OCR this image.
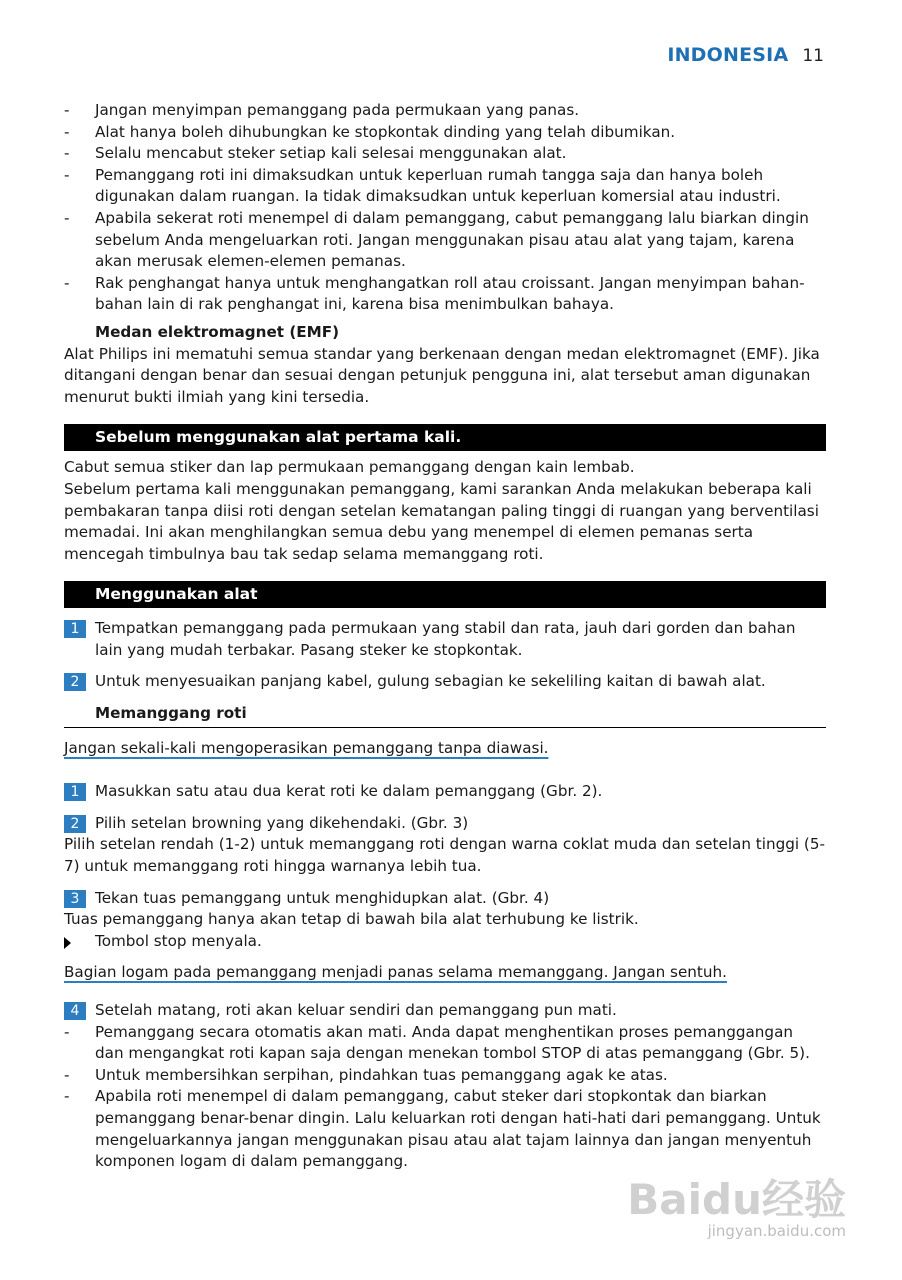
INDONESIA 11
- Jangan menyimpan pemanggang pada permukaan yang panas.
- Alat hanya boleh dihubungkan ke stopkontak dinding yang telah dibumikan.
- Selalu mencabut steker setiap kali selesai menggunakan alat.
- Pemanggang roti ini dimaksudkan untuk keperluan rumah tangga saja dan hanya boleh digunakan dalam ruangan. Ia tidak dimaksudkan untuk keperluan komersial atau industri.
- Apabila sekerat roti menempel di dalam pemanggang, cabut pemanggang lalu biarkan dingin sebelum Anda mengeluarkan roti. Jangan menggunakan pisau atau alat yang tajam, karena akan merusak elemen-elemen pemanas.
- Rak penghangat hanya untuk menghangatkan roll atau croissant. Jangan menyimpan bahan-bahan lain di rak penghangat ini, karena bisa menimbulkan bahaya.
Medan elektromagnet (EMF)

Alat Philips ini mematuhi semua standar yang berkenaan dengan medan elektromagnet (EMF). Jika ditangani dengan benar dan sesuai dengan petunjuk pengguna ini, alat tersebut aman digunakan menurut bukti ilmiah yang kini tersedia.

Sebelum menggunakan alat pertama kali.

Cabut semua stiker dan lap permukaan pemanggang dengan kain lembab.

Sebelum pertama kali menggunakan pemanggang, kami sarankan Anda melakukan beberapa kali pembakaran tanpa diisi roti dengan setelan kematangan paling tinggi di ruangan yang berventilasi memadai. Ini akan menghilangkan semua debu yang menempel di elemen pemanas serta mencegah timbulnya bau tak sedap selama memanggang roti.

Menggunakan alat
1	Tempatkan pemanggang pada permukaan yang stabil dan rata, jauh dari gorden dan bahan lain yang mudah terbakar. Pasang steker ke stopkontak.
2	Untuk menyesuaikan panjang kabel, gulung sebagian ke sekeliling kaitan di bawah alat.
Memanggang roti
Jangan sekali-kali mengoperasikan pemanggang tanpa diawasi.
1	Masukkan satu atau dua kerat roti ke dalam pemanggang (Gbr. 2).
2	Pilih setelan browning yang dikehendaki. (Gbr. 3)

Pilih setelan rendah (1-2) untuk memanggang roti dengan warna coklat muda dan setelan tinggi (5-7) untuk memanggang roti hingga warnanya lebih tua.

3	Tekan tuas pemanggang untuk menghidupkan alat. (Gbr. 4)

Tuas pemanggang hanya akan tetap di bawah bila alat terhubung ke listrik.

Tombol stop menyala.
Bagian logam pada pemanggang menjadi panas selama memanggang. Jangan sentuh.
4	Setelah matang, roti akan keluar sendiri dan pemanggang pun mati.
- Pemanggang secara otomatis akan mati. Anda dapat menghentikan proses pemanggangan dan mengangkat roti kapan saja dengan menekan tombol STOP di atas pemanggang (Gbr. 5).
- Untuk membersihkan serpihan, pindahkan tuas pemanggang agak ke atas.
- Apabila roti menempel di dalam pemanggang, cabut steker dari stopkontak dan biarkan pemanggang benar-benar dingin. Lalu keluarkan roti dengan hati-hati dari pemanggang. Untuk mengeluarkannya jangan menggunakan pisau atau alat tajam lainnya dan jangan menyentuh komponen logam di dalam pemanggang.
Baidu经验
jingyan.baidu.com
